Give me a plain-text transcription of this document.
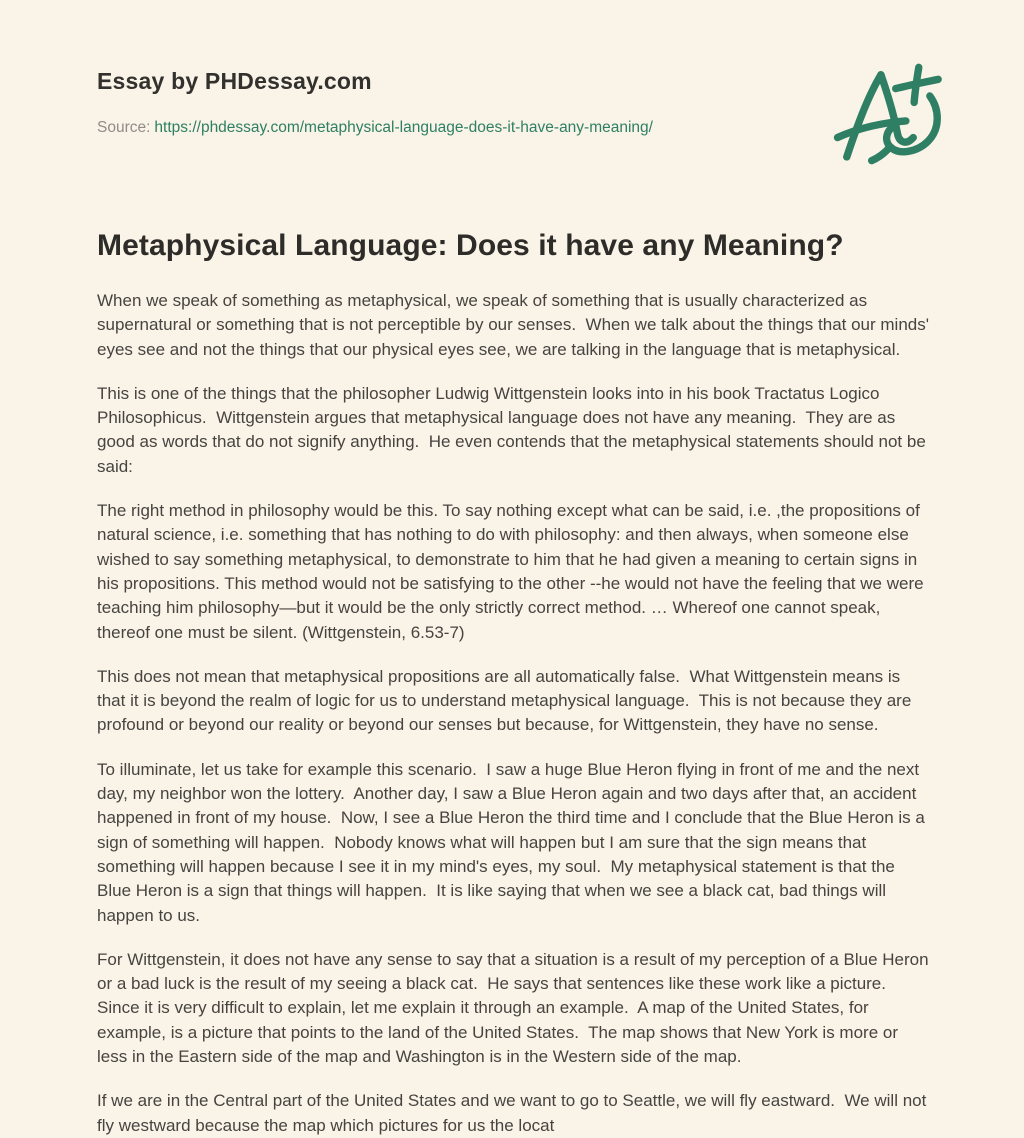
Essay by PHDessay.com

Source: https://phdessay.com/metaphysical-language-does-it-have-any-meaning/

Metaphysical Language: Does it have any Meaning?

When we speak of something as metaphysical, we speak of something that is usually characterized as supernatural or something that is not perceptible by our senses.  When we talk about the things that our minds' eyes see and not the things that our physical eyes see, we are talking in the language that is metaphysical.

This is one of the things that the philosopher Ludwig Wittgenstein looks into in his book Tractatus Logico Philosophicus.  Wittgenstein argues that metaphysical language does not have any meaning.  They are as good as words that do not signify anything.  He even contends that the metaphysical statements should not be said:

The right method in philosophy would be this. To say nothing except what can be said, i.e. ,the propositions of natural science, i.e. something that has nothing to do with philosophy: and then always, when someone else wished to say something metaphysical, to demonstrate to him that he had given a meaning to certain signs in his propositions. This method would not be satisfying to the other --he would not have the feeling that we were teaching him philosophy—but it would be the only strictly correct method. … Whereof one cannot speak, thereof one must be silent. (Wittgenstein, 6.53-7)

This does not mean that metaphysical propositions are all automatically false.  What Wittgenstein means is that it is beyond the realm of logic for us to understand metaphysical language.  This is not because they are profound or beyond our reality or beyond our senses but because, for Wittgenstein, they have no sense.

To illuminate, let us take for example this scenario.  I saw a huge Blue Heron flying in front of me and the next day, my neighbor won the lottery.  Another day, I saw a Blue Heron again and two days after that, an accident happened in front of my house.  Now, I see a Blue Heron the third time and I conclude that the Blue Heron is a sign of something will happen.  Nobody knows what will happen but I am sure that the sign means that something will happen because I see it in my mind's eyes, my soul.  My metaphysical statement is that the Blue Heron is a sign that things will happen.  It is like saying that when we see a black cat, bad things will happen to us.

For Wittgenstein, it does not have any sense to say that a situation is a result of my perception of a Blue Heron or a bad luck is the result of my seeing a black cat.  He says that sentences like these work like a picture.  Since it is very difficult to explain, let me explain it through an example.  A map of the United States, for example, is a picture that points to the land of the United States.  The map shows that New York is more or less in the Eastern side of the map and Washington is in the Western side of the map.

If we are in the Central part of the United States and we want to go to Seattle, we will fly eastward.  We will not fly westward because the map which pictures for us the locat
